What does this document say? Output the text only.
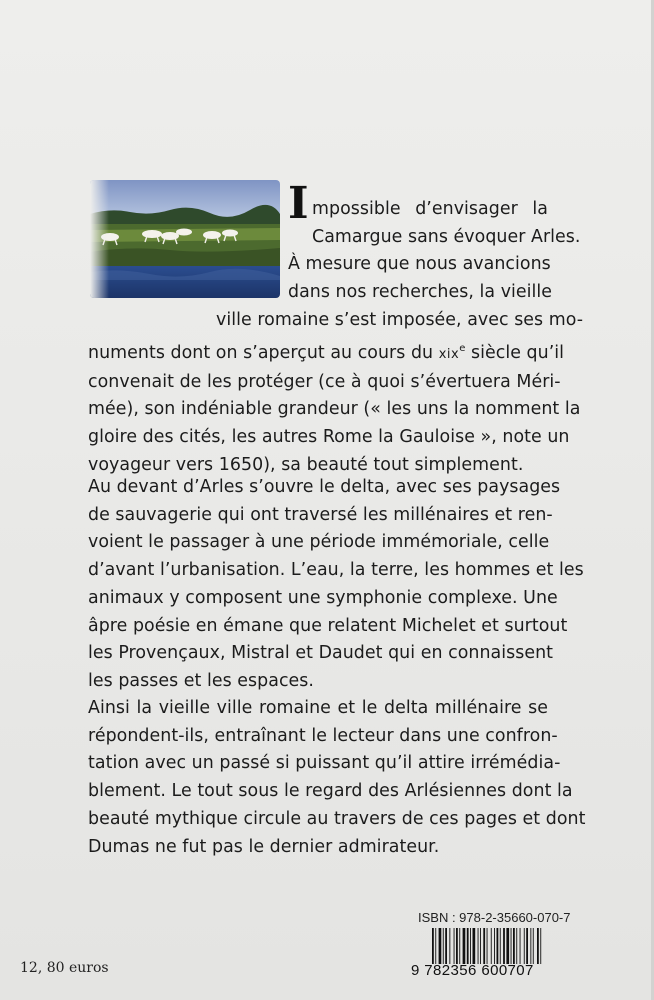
I mpossible d’envisager la
Camargue sans évoquer Arles.
À mesure que nous avancions
dans nos recherches, la vieille
ville romaine s’est imposée, avec ses mo-
numents dont on s’aperçut au cours du xix$^e$ siècle qu’il
convenait de les protéger (ce à quoi s’évertuera Méri-
mée), son indéniable grandeur (« les uns la nomment la
gloire des cités, les autres Rome la Gauloise », note un
voyageur vers 1650), sa beauté tout simplement.
Au devant d’Arles s’ouvre le delta, avec ses paysages
de sauvagerie qui ont traversé les millénaires et ren-
voient le passager à une période immémoriale, celle
d’avant l’urbanisation. L’eau, la terre, les hommes et les
animaux y composent une symphonie complexe. Une
âpre poésie en émane que relatent Michelet et surtout
les Provençaux, Mistral et Daudet qui en connaissent
les passes et les espaces.
Ainsi la vieille ville romaine et le delta millénaire se
répondent-ils, entraînant le lecteur dans une confron-
tation avec un passé si puissant qu’il attire irrémédia-
blement. Le tout sous le regard des Arlésiennes dont la
beauté mythique circule au travers de ces pages et dont
Dumas ne fut pas le dernier admirateur.
ISBN : 978-2-35660-070-7
9 782356 600707
12, 80 euros
